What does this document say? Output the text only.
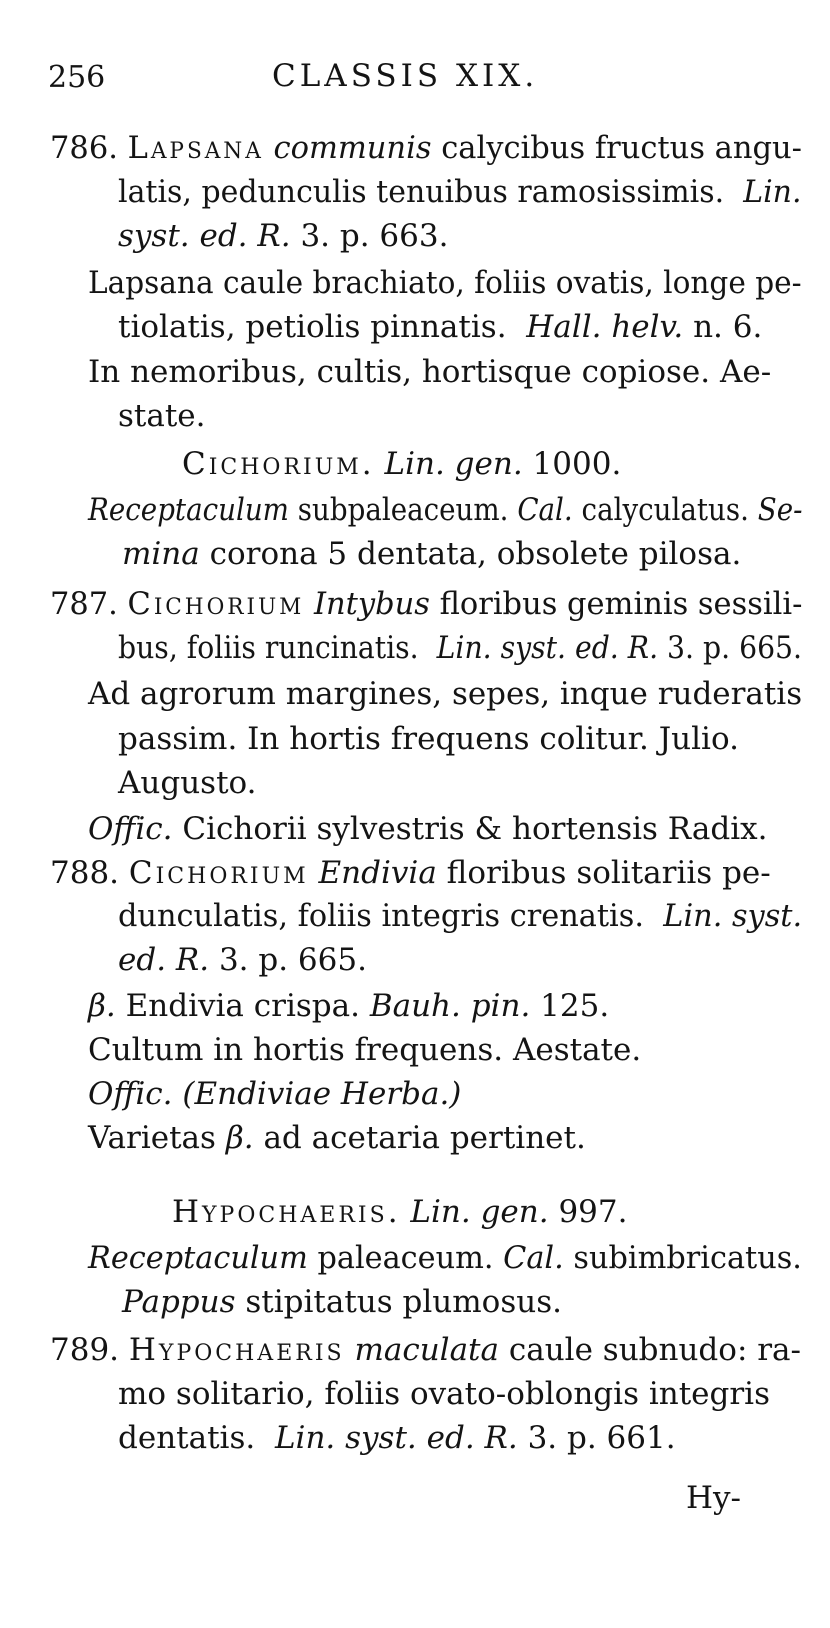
256	CLASSIS XIX.
786. Lapsana communis calycibus fructus angu-
latis, pedunculis tenuibus ramosissimis. Lin.
syst. ed. R. 3. p. 663.
Lapsana caule brachiato, foliis ovatis, longe pe-
tiolatis, petiolis pinnatis. Hall. helv. n. 6.
In nemoribus, cultis, hortisque copiose. Ae-
state.
Cichorium. Lin. gen. 1000.
Receptaculum subpaleaceum. Cal. calyculatus. Se-
mina corona 5 dentata, obsolete pilosa.
787. Cichorium Intybus floribus geminis sessili-
bus, foliis runcinatis. Lin. syst. ed. R. 3. p. 665.
Ad agrorum margines, sepes, inque ruderatis
passim. In hortis frequens colitur. Julio.
Augusto.
Offic. Cichorii sylvestris & hortensis Radix.
788. Cichorium Endivia floribus solitariis pe-
dunculatis, foliis integris crenatis. Lin. syst.
ed. R. 3. p. 665.
β. Endivia crispa. Bauh. pin. 125.
Cultum in hortis frequens. Aestate.
Offic. (Endiviae Herba.)
Varietas β. ad acetaria pertinet.
Hypochaeris. Lin. gen. 997.
Receptaculum paleaceum. Cal. subimbricatus.
Pappus stipitatus plumosus.
789. Hypochaeris maculata caule subnudo: ra-
mo solitario, foliis ovato-oblongis integris
dentatis. Lin. syst. ed. R. 3. p. 661.
Hy-
